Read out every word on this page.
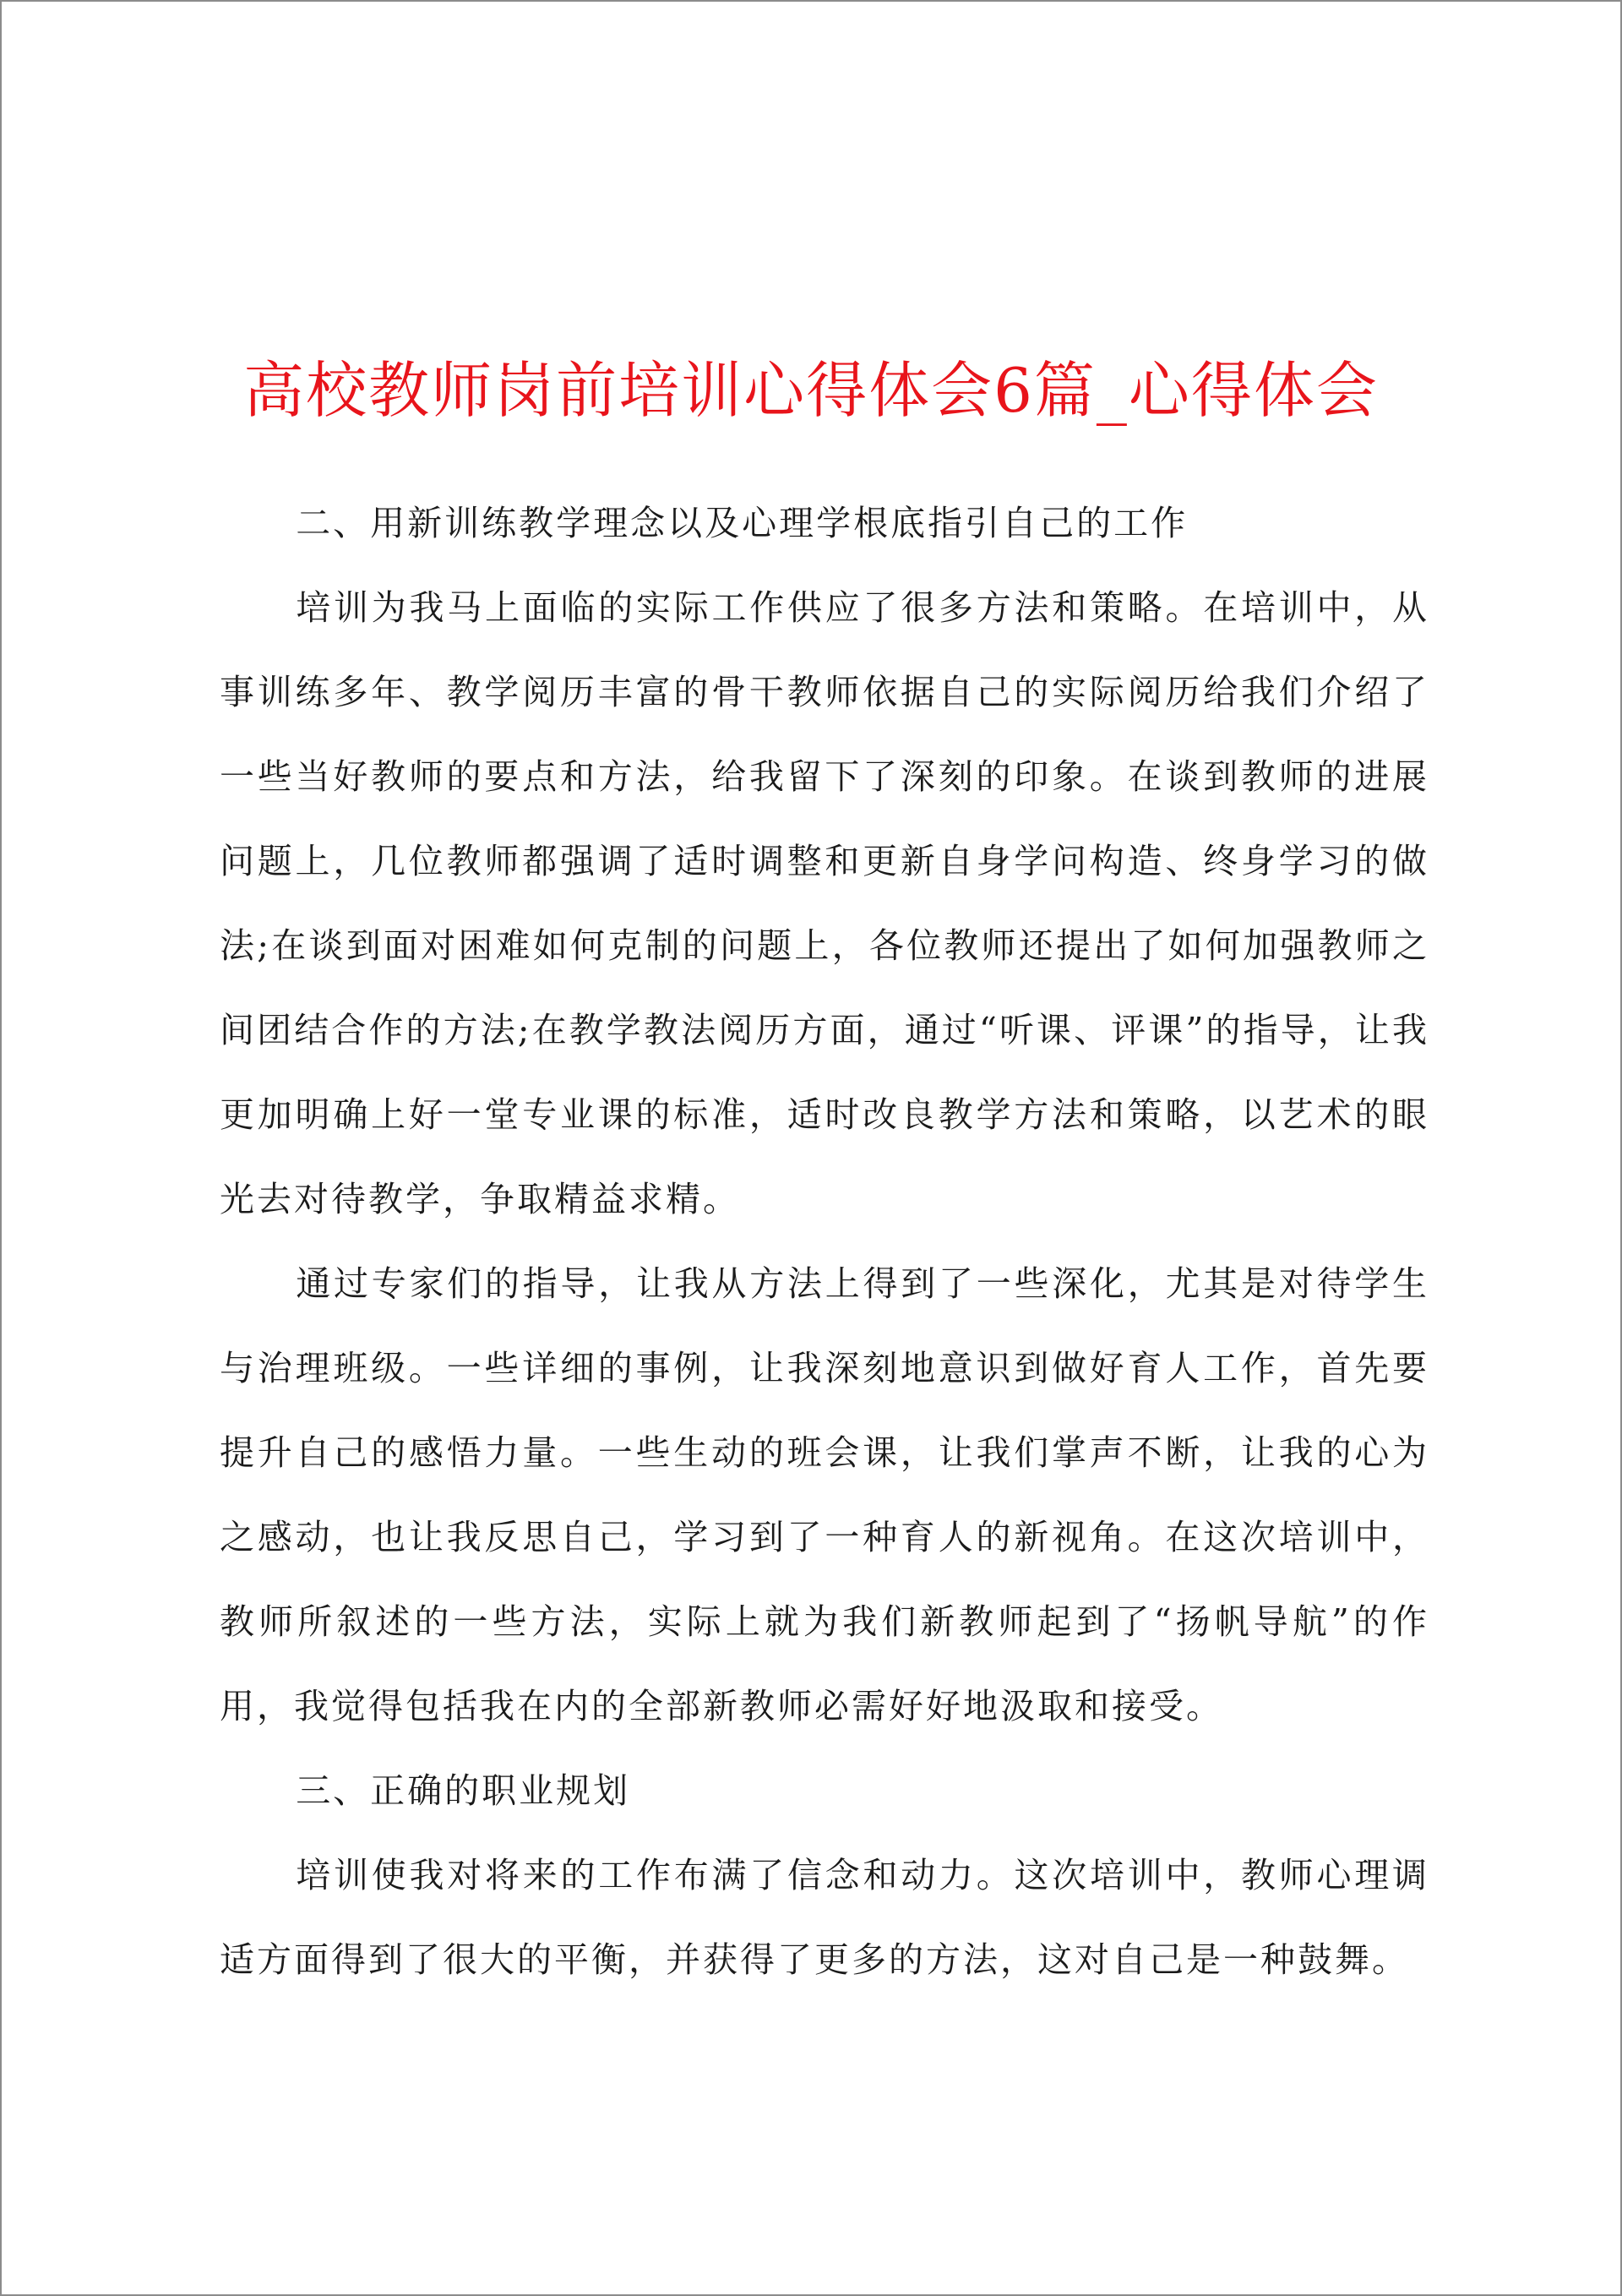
高校教师岗前培训心得体会6篇_心得体会

二、用新训练教学理念以及心理学根底指引自己的工作

培训为我马上面临的实际工作供应了很多方法和策略。在培训中，从事训练多年、教学阅历丰富的骨干教师依据自己的实际阅历给我们介绍了一些当好教师的要点和方法，给我留下了深刻的印象。在谈到教师的进展问题上，几位教师都强调了适时调整和更新自身学问构造、终身学习的做法;在谈到面对困难如何克制的问题上，各位教师还提出了如何加强教师之间团结合作的方法;在教学教法阅历方面，通过“听课、评课”的指导，让我更加明确上好一堂专业课的标准，适时改良教学方法和策略，以艺术的眼光去对待教学，争取精益求精。

通过专家们的指导，让我从方法上得到了一些深化，尤其是对待学生与治理班级。一些详细的事例，让我深刻地意识到做好育人工作，首先要提升自己的感悟力量。一些生动的班会课，让我们掌声不断，让我的心为之感动，也让我反思自己，学习到了一种育人的新视角。在这次培训中，教师所叙述的一些方法，实际上就为我们新教师起到了“扬帆导航”的作用，我觉得包括我在内的全部新教师必需好好地汲取和接受。

三、正确的职业规划

培训使我对将来的工作布满了信念和动力。这次培训中，教师心理调适方面得到了很大的平衡，并获得了更多的方法，这对自己是一种鼓舞。
